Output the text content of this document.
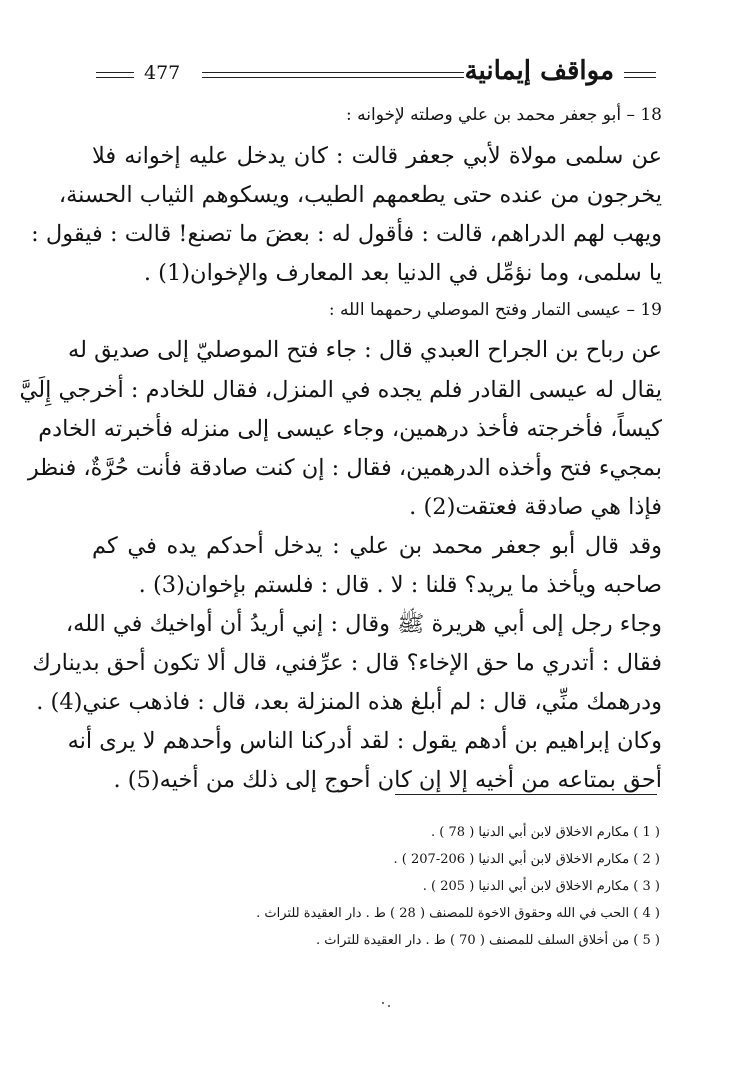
477	مواقف إيمانية
18 – أبو جعفر محمد بن علي وصلته لإخوانه :
عن سلمى مولاة لأبي جعفر قالت : كان يدخل عليه إخوانه فلا
يخرجون من عنده حتى يطعمهم الطيب، ويسكوهم الثياب الحسنة،
ويهب لهم الدراهم، قالت : فأقول له : بعضَ ما تصنع! قالت : فيقول :
يا سلمى، وما نؤمِّل في الدنيا بعد المعارف والإخوان(1) .
19 – عيسى التمار وفتح الموصلي رحمهما الله :
عن رباح بن الجراح العبدي قال : جاء فتح الموصليّ إلى صديق له
يقال له عيسى القادر فلم يجده في المنزل، فقال للخادم : أخرجي إِلَيَّ
كيساً، فأخرجته فأخذ درهمين، وجاء عيسى إلى منزله فأخبرته الخادم
بمجيء فتح وأخذه الدرهمين، فقال : إن كنت صادقة فأنت حُرَّةٌ، فنظر
فإذا هي صادقة فعتقت(2) .
وقد قال أبو جعفر محمد بن علي : يدخل أحدكم يده في كم
صاحبه ويأخذ ما يريد؟ قلنا : لا . قال : فلستم بإخوان(3) .
وجاء رجل إلى أبي هريرة ﷺ وقال : إني أريدُ أن أواخيك في الله،
فقال : أتدري ما حق الإخاء؟ قال : عرِّفني، قال ألا تكون أحق بدينارك
ودرهمك منِّي، قال : لم أبلغ هذه المنزلة بعد، قال : فاذهب عني(4) .
وكان إبراهيم بن أدهم يقول : لقد أدركنا الناس وأحدهم لا يرى أنه
أحق بمتاعه من أخيه إلا إن كان أحوج إلى ذلك من أخيه(5) .
( 1 ) مكارم الاخلاق لابن أبي الدنيا ( 78 ) .
( 2 ) مكارم الاخلاق لابن أبي الدنيا ( 206-207 ) .
( 3 ) مكارم الاخلاق لابن أبي الدنيا ( 205 ) .
( 4 ) الحب في الله وحقوق الاخوة للمصنف ( 28 ) ط . دار العقيدة للتراث .
( 5 ) من أخلاق السلف للمصنف ( 70 ) ط . دار العقيدة للتراث .
